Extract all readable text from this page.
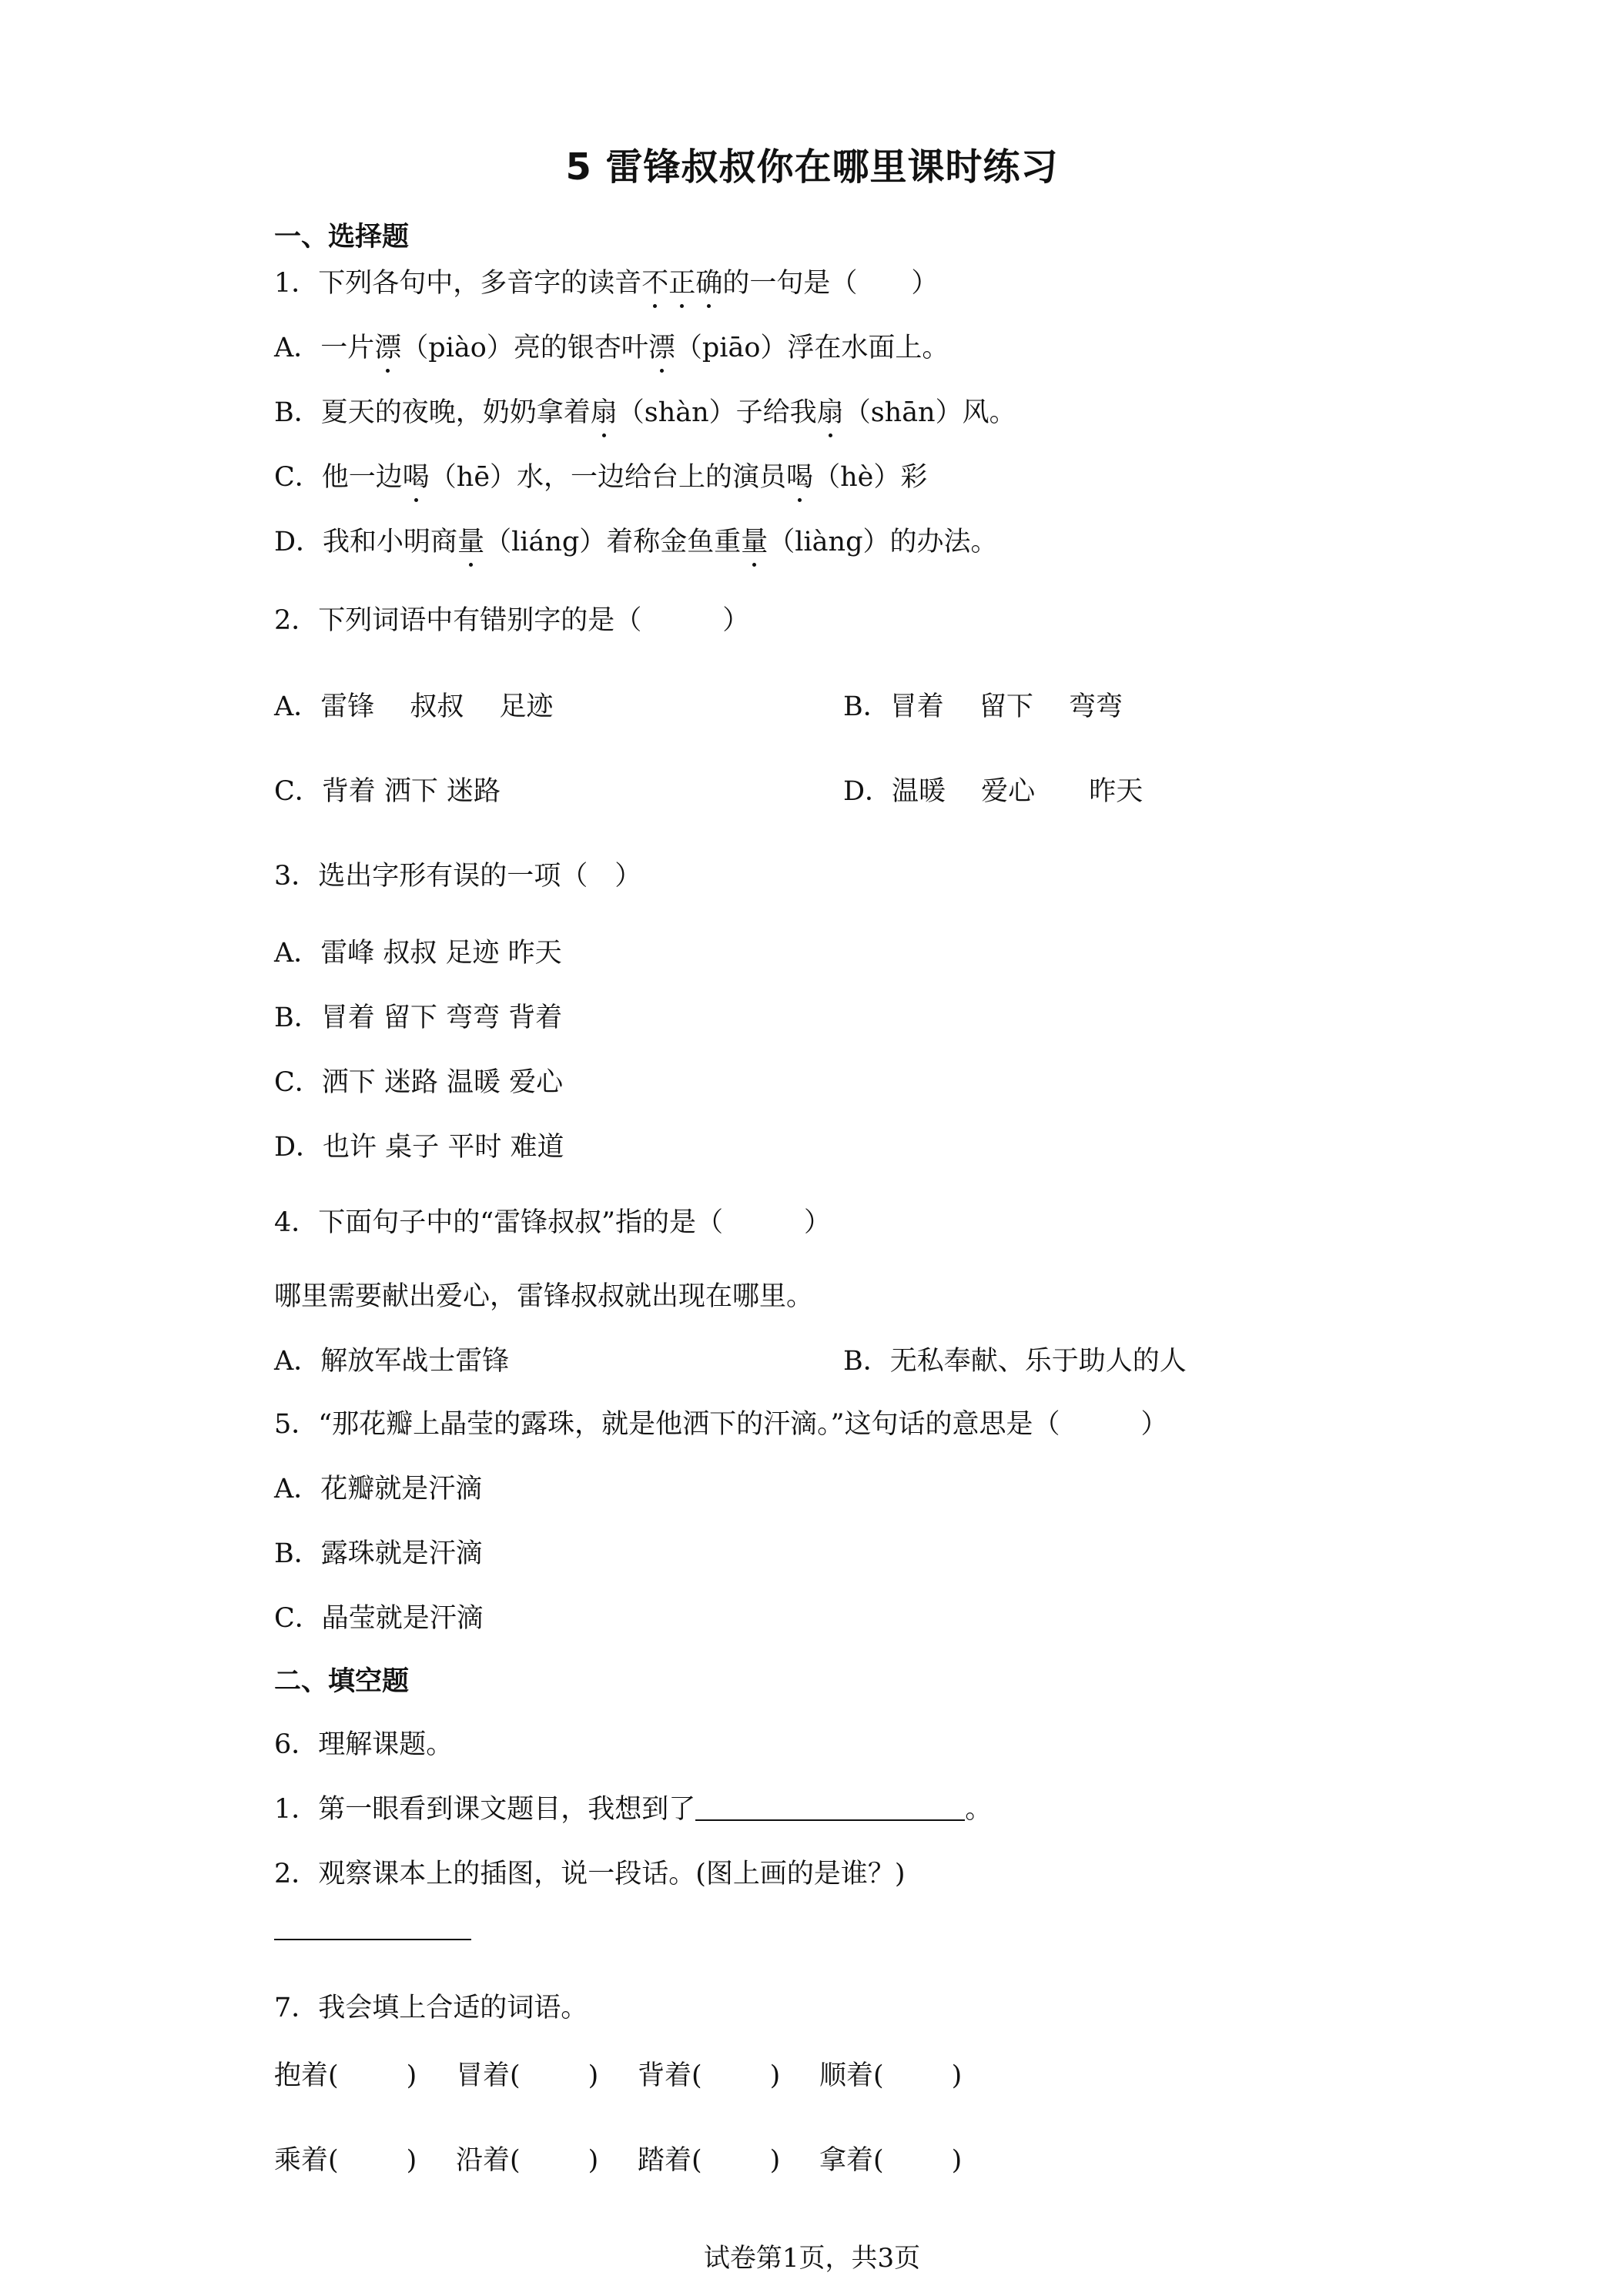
5 雷锋叔叔你在哪里课时练习
一、选择题
1．下列各句中，多音字的读音不正确的一句是（　　）
A．一片漂（piào）亮的银杏叶漂（piāo）浮在水面上。
B．夏天的夜晚，奶奶拿着扇（shàn）子给我扇（shān）风。
C．他一边喝（hē）水，一边给台上的演员喝（hè）彩
D．我和小明商量（liáng）着称金鱼重量（liàng）的办法。
2．下列词语中有错别字的是（　　　）
A．雷锋　 叔叔　 足迹	B．冒着　 留下　 弯弯
C．背着 洒下 迷路	D．温暖　 爱心　　昨天
3．选出字形有误的一项（　）
A．雷峰 叔叔 足迹 昨天
B．冒着 留下 弯弯 背着
C．洒下 迷路 温暖 爱心
D．也许 桌子 平时 难道
4．下面句子中的“雷锋叔叔”指的是（　　　）
哪里需要献出爱心，雷锋叔叔就出现在哪里。
A．解放军战士雷锋	B．无私奉献、乐于助人的人
5．“那花瓣上晶莹的露珠，就是他洒下的汗滴。”这句话的意思是（　　　）
A．花瓣就是汗滴
B．露珠就是汗滴
C．晶莹就是汗滴
二、填空题
6．理解课题。
1．第一眼看到课文题目，我想到了	。
2．观察课本上的插图，说一段话。(图上画的是谁？)
7．我会填上合适的词语。
抱着(	) 冒着(	) 背着(	) 顺着(	)
乘着(	) 沿着(	) 踏着(	) 拿着(	)
试卷第1页，共3页
